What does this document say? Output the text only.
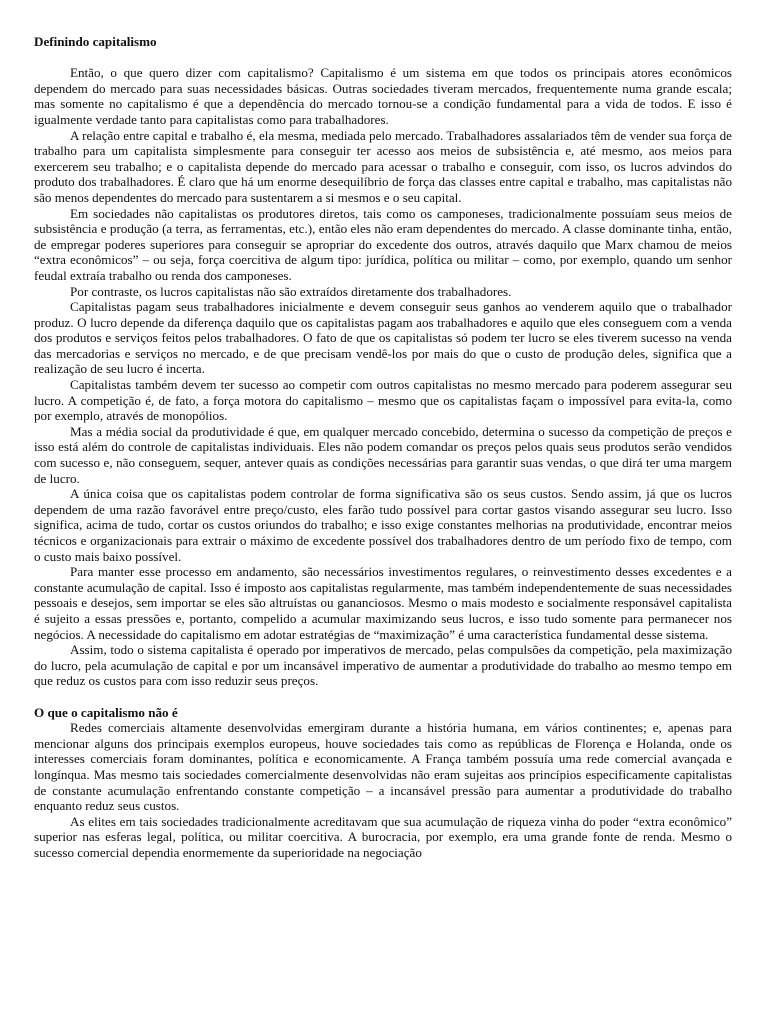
Definindo capitalismo

Então, o que quero dizer com capitalismo? Capitalismo é um sistema em que todos os principais atores econômicos dependem do mercado para suas necessidades básicas. Outras sociedades tiveram mercados, frequentemente numa grande escala; mas somente no capitalismo é que a dependência do mercado tornou-se a condição fundamental para a vida de todos. E isso é igualmente verdade tanto para capitalistas como para trabalhadores.

A relação entre capital e trabalho é, ela mesma, mediada pelo mercado. Trabalhadores assalariados têm de vender sua força de trabalho para um capitalista simplesmente para conseguir ter acesso aos meios de subsistência e, até mesmo, aos meios para exercerem seu trabalho; e o capitalista depende do mercado para acessar o trabalho e conseguir, com isso, os lucros advindos do produto dos trabalhadores. É claro que há um enorme desequilíbrio de força das classes entre capital e trabalho, mas capitalistas não são menos dependentes do mercado para sustentarem a si mesmos e o seu capital.

Em sociedades não capitalistas os produtores diretos, tais como os camponeses, tradicionalmente possuíam seus meios de subsistência e produção (a terra, as ferramentas, etc.), então eles não eram dependentes do mercado. A classe dominante tinha, então, de empregar poderes superiores para conseguir se apropriar do excedente dos outros, através daquilo que Marx chamou de meios “extra econômicos” – ou seja, força coercitiva de algum tipo: jurídica, política ou militar – como, por exemplo, quando um senhor feudal extraía trabalho ou renda dos camponeses.

Por contraste, os lucros capitalistas não são extraídos diretamente dos trabalhadores.

Capitalistas pagam seus trabalhadores inicialmente e devem conseguir seus ganhos ao venderem aquilo que o trabalhador produz. O lucro depende da diferença daquilo que os capitalistas pagam aos trabalhadores e aquilo que eles conseguem com a venda dos produtos e serviços feitos pelos trabalhadores. O fato de que os capitalistas só podem ter lucro se eles tiverem sucesso na venda das mercadorias e serviços no mercado, e de que precisam vendê-los por mais do que o custo de produção deles, significa que a realização de seu lucro é incerta.

Capitalistas também devem ter sucesso ao competir com outros capitalistas no mesmo mercado para poderem assegurar seu lucro. A competição é, de fato, a força motora do capitalismo – mesmo que os capitalistas façam o impossível para evita-la, como por exemplo, através de monopólios.

Mas a média social da produtividade é que, em qualquer mercado concebido, determina o sucesso da competição de preços e isso está além do controle de capitalistas individuais. Eles não podem comandar os preços pelos quais seus produtos serão vendidos com sucesso e, não conseguem, sequer, antever quais as condições necessárias para garantir suas vendas, o que dirá ter uma margem de lucro.

A única coisa que os capitalistas podem controlar de forma significativa são os seus custos. Sendo assim, já que os lucros dependem de uma razão favorável entre preço/custo, eles farão tudo possível para cortar gastos visando assegurar seu lucro. Isso significa, acima de tudo, cortar os custos oriundos do trabalho; e isso exige constantes melhorias na produtividade, encontrar meios técnicos e organizacionais para extrair o máximo de excedente possível dos trabalhadores dentro de um período fixo de tempo, com o custo mais baixo possível.

Para manter esse processo em andamento, são necessários investimentos regulares, o reinvestimento desses excedentes e a constante acumulação de capital. Isso é imposto aos capitalistas regularmente, mas também independentemente de suas necessidades pessoais e desejos, sem importar se eles são altruístas ou gananciosos. Mesmo o mais modesto e socialmente responsável capitalista é sujeito a essas pressões e, portanto, compelido a acumular maximizando seus lucros, e isso tudo somente para permanecer nos negócios. A necessidade do capitalismo em adotar estratégias de “maximização” é uma característica fundamental desse sistema.

Assim, todo o sistema capitalista é operado por imperativos de mercado, pelas compulsões da competição, pela maximização do lucro, pela acumulação de capital e por um incansável imperativo de aumentar a produtividade do trabalho ao mesmo tempo em que reduz os custos para com isso reduzir seus preços.

O que o capitalismo não é

Redes comerciais altamente desenvolvidas emergiram durante a história humana, em vários continentes; e, apenas para mencionar alguns dos principais exemplos europeus, houve sociedades tais como as repúblicas de Florença e Holanda, onde os interesses comerciais foram dominantes, política e economicamente. A França também possuía uma rede comercial avançada e longínqua. Mas mesmo tais sociedades comercialmente desenvolvidas não eram sujeitas aos princípios especificamente capitalistas de constante acumulação enfrentando constante competição – a incansável pressão para aumentar a produtividade do trabalho enquanto reduz seus custos.

As elites em tais sociedades tradicionalmente acreditavam que sua acumulação de riqueza vinha do poder “extra econômico” superior nas esferas legal, política, ou militar coercitiva. A burocracia, por exemplo, era uma grande fonte de renda. Mesmo o sucesso comercial dependia enormemente da superioridade na negociação
